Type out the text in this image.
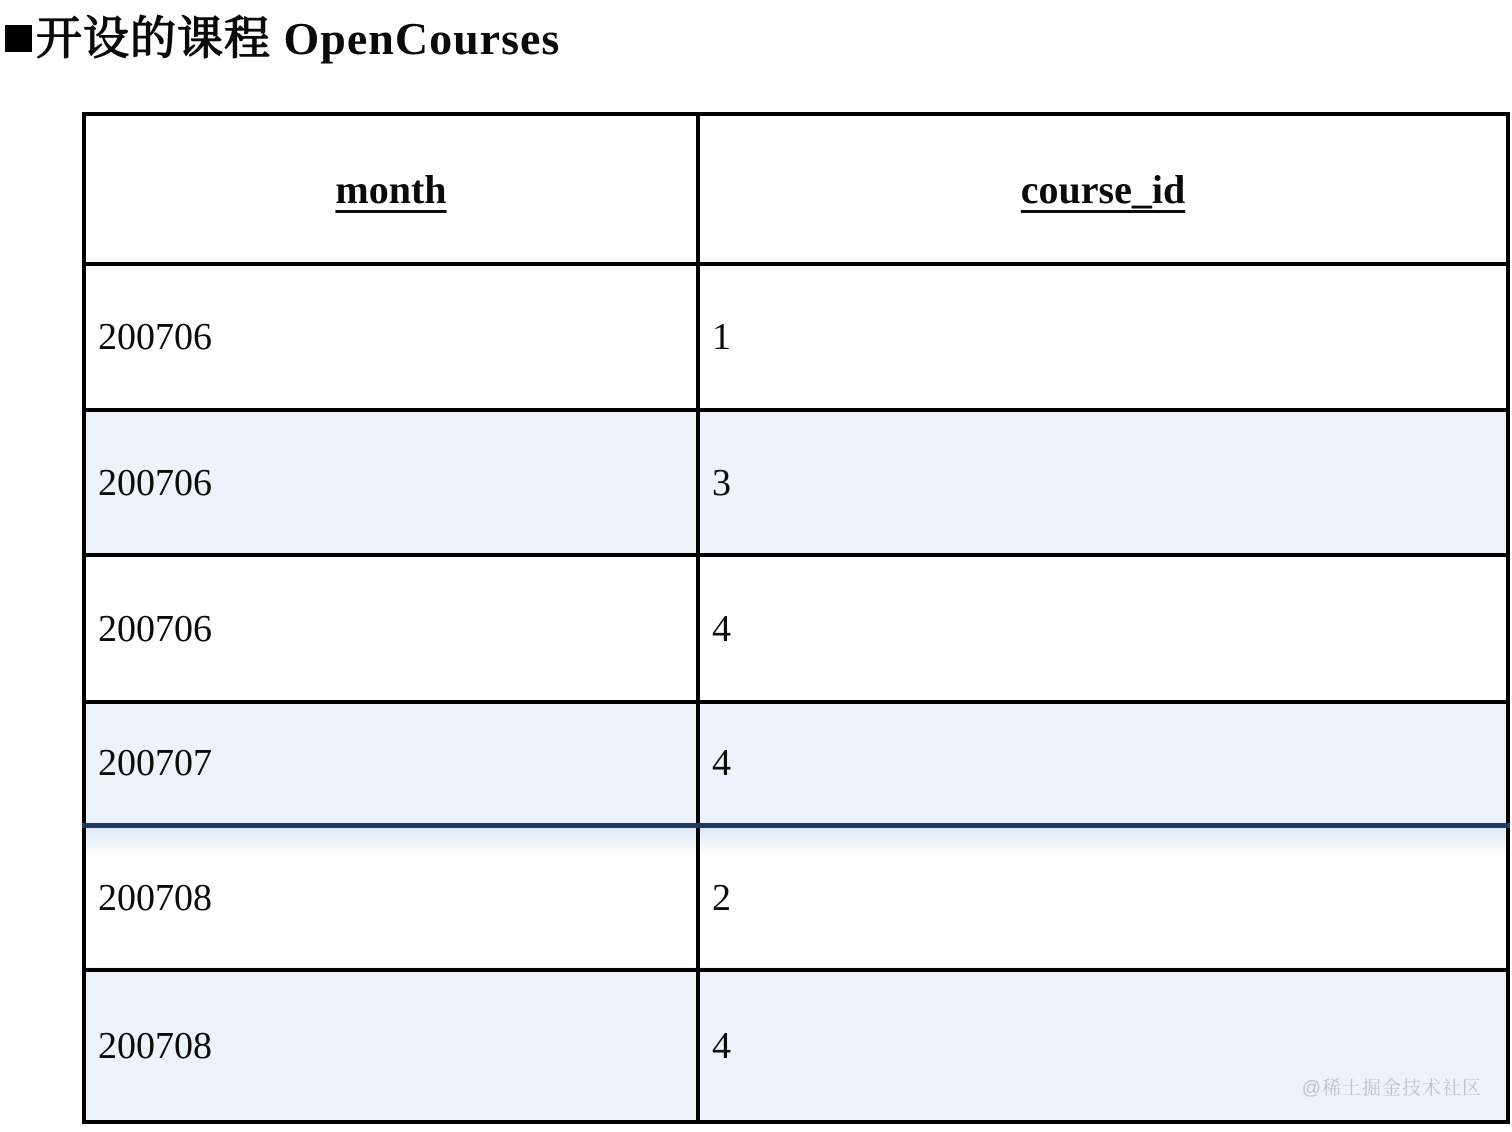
开设的课程 OpenCourses
month	course_id
200706	1
200706	3
200706	4
200707	4
200708	2
200708	4
@稀土掘金技术社区
